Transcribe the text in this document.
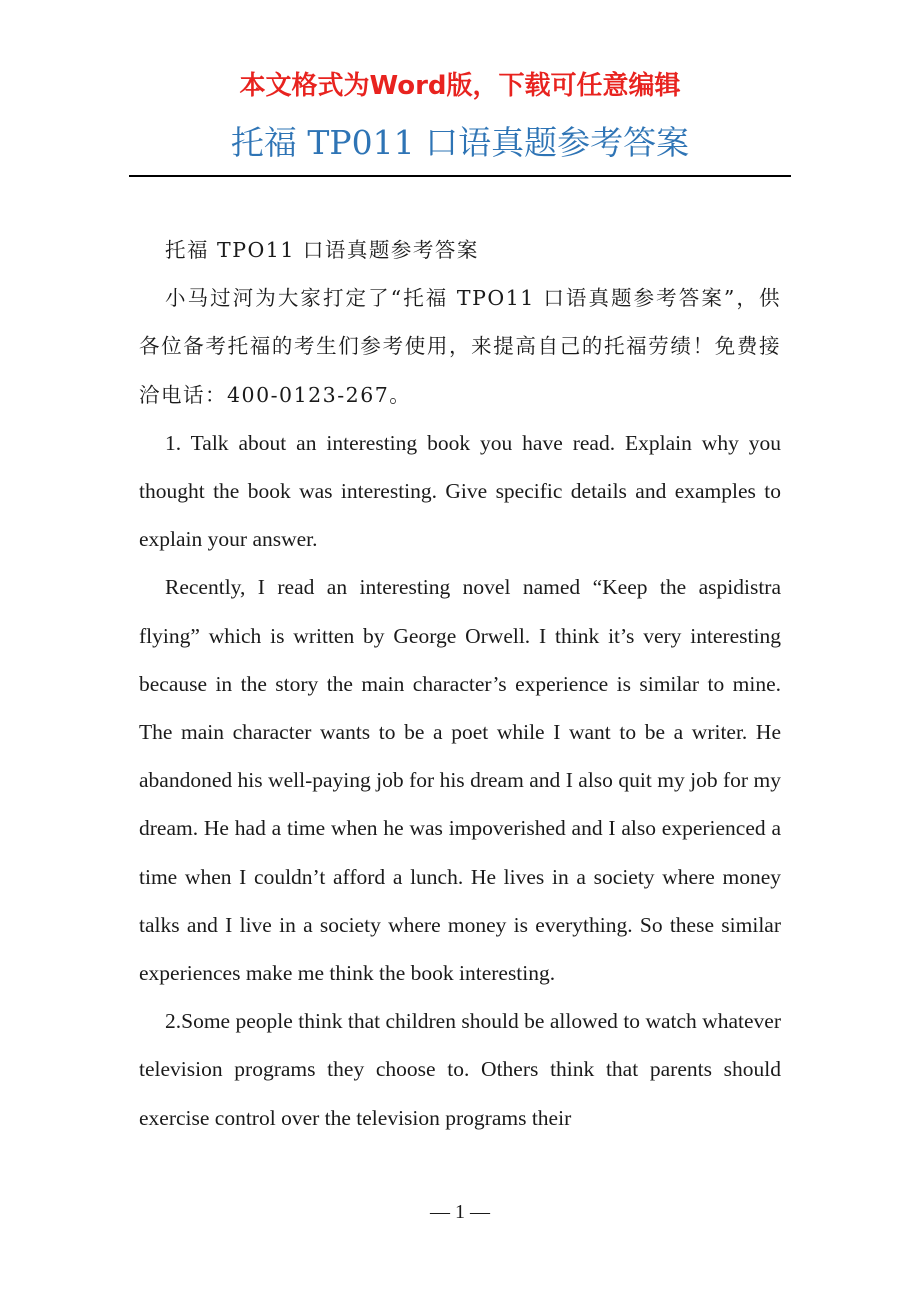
本文格式为Word版，下载可任意编辑
托福 TP011 口语真题参考答案

托福 TPO11 口语真题参考答案

小马过河为大家打定了“托福 TPO11 口语真题参考答案”，供各位备考托福的考生们参考使用，来提高自己的托福劳绩！免费接洽电话：400-0123-267。

1. Talk about an interesting book you have read. Explain why you thought the book was interesting. Give specific details and examples to explain your answer.

Recently, I read an interesting novel named “Keep the aspidistra flying” which is written by George Orwell. I think it’s very interesting because in the story the main character’s experience is similar to mine. The main character wants to be a poet while I want to be a writer. He abandoned his well-paying job for his dream and I also quit my job for my dream. He had a time when he was impoverished and I also experienced a time when I couldn’t afford a lunch. He lives in a society where money talks and I live in a society where money is everything. So these similar experiences make me think the book interesting.

2.Some people think that children should be allowed to watch whatever television programs they choose to. Others think that parents should exercise control over the television programs their

— 1 —
